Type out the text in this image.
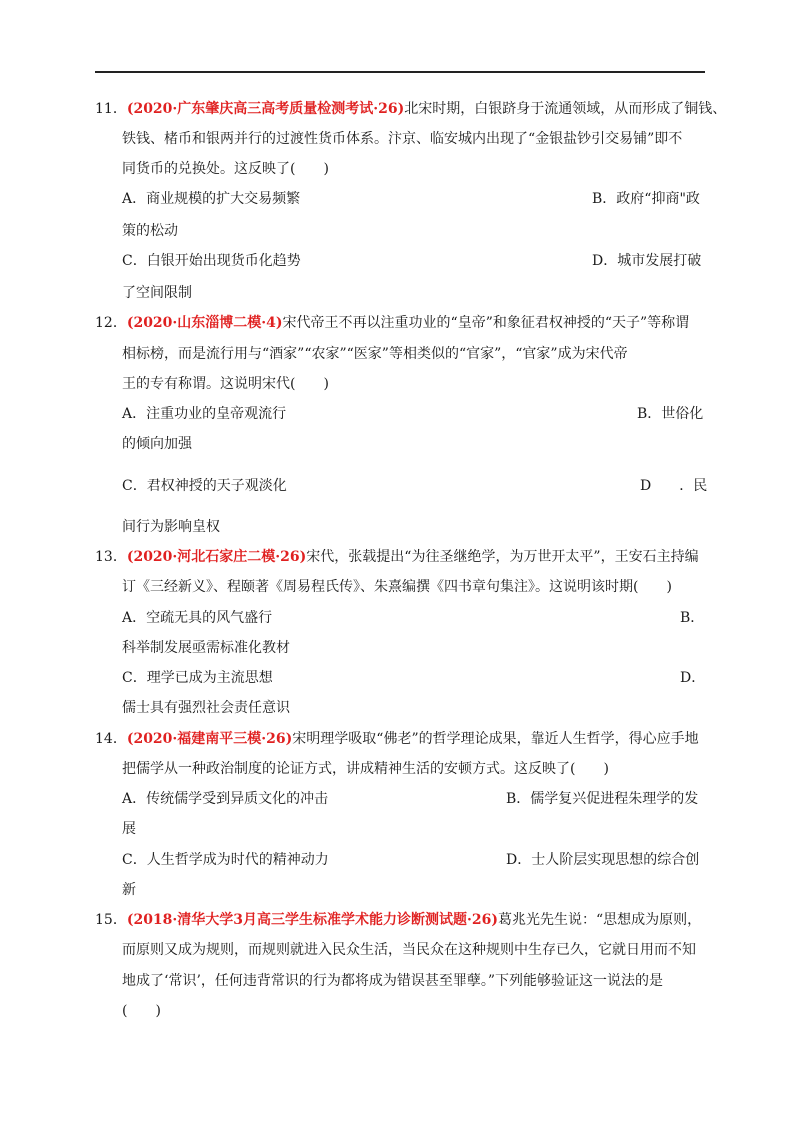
11．(2020·广东肇庆高三高考质量检测考试·26)北宋时期，白银跻身于流通领域，从而形成了铜钱、
铁钱、楮币和银两并行的过渡性货币体系。汴京、临安城内出现了“金银盐钞引交易铺”即不
同货币的兑换处。这反映了(　　)
A．商业规模的扩大交易频繁	B．政府“抑商"政
策的松动
C．白银开始出现货币化趋势	D．城市发展打破
了空间限制
12．(2020·山东淄博二模·4)宋代帝王不再以注重功业的“皇帝”和象征君权神授的“天子”等称谓
相标榜，而是流行用与“酒家”“农家”“医家”等相类似的“官家”，“官家”成为宋代帝
王的专有称谓。这说明宋代(　　)
A．注重功业的皇帝观流行	B．世俗化
的倾向加强
C．君权神授的天子观淡化	D　　．民
间行为影响皇权
13．(2020·河北石家庄二模·26)宋代，张载提出“为往圣继绝学，为万世开太平”，王安石主持编
订《三经新义》、程颐著《周易程氏传》、朱熹编撰《四书章句集注》。这说明该时期(　　)
A．空疏无具的风气盛行	B．
科举制发展亟需标准化教材
C．理学已成为主流思想	D．
儒士具有强烈社会责任意识
14．(2020·福建南平三模·26)宋明理学吸取“佛老”的哲学理论成果，靠近人生哲学，得心应手地
把儒学从一种政治制度的论证方式，讲成精神生活的安顿方式。这反映了(　　)
A．传统儒学受到异质文化的冲击	B．儒学复兴促进程朱理学的发
展
C．人生哲学成为时代的精神动力	D．士人阶层实现思想的综合创
新
15．(2018·清华大学3月高三学生标准学术能力诊断测试题·26)葛兆光先生说：“思想成为原则，
而原则又成为规则，而规则就进入民众生活，当民众在这种规则中生存已久，它就日用而不知
地成了‘常识’，任何违背常识的行为都将成为错误甚至罪孽。”下列能够验证这一说法的是
(　　)
